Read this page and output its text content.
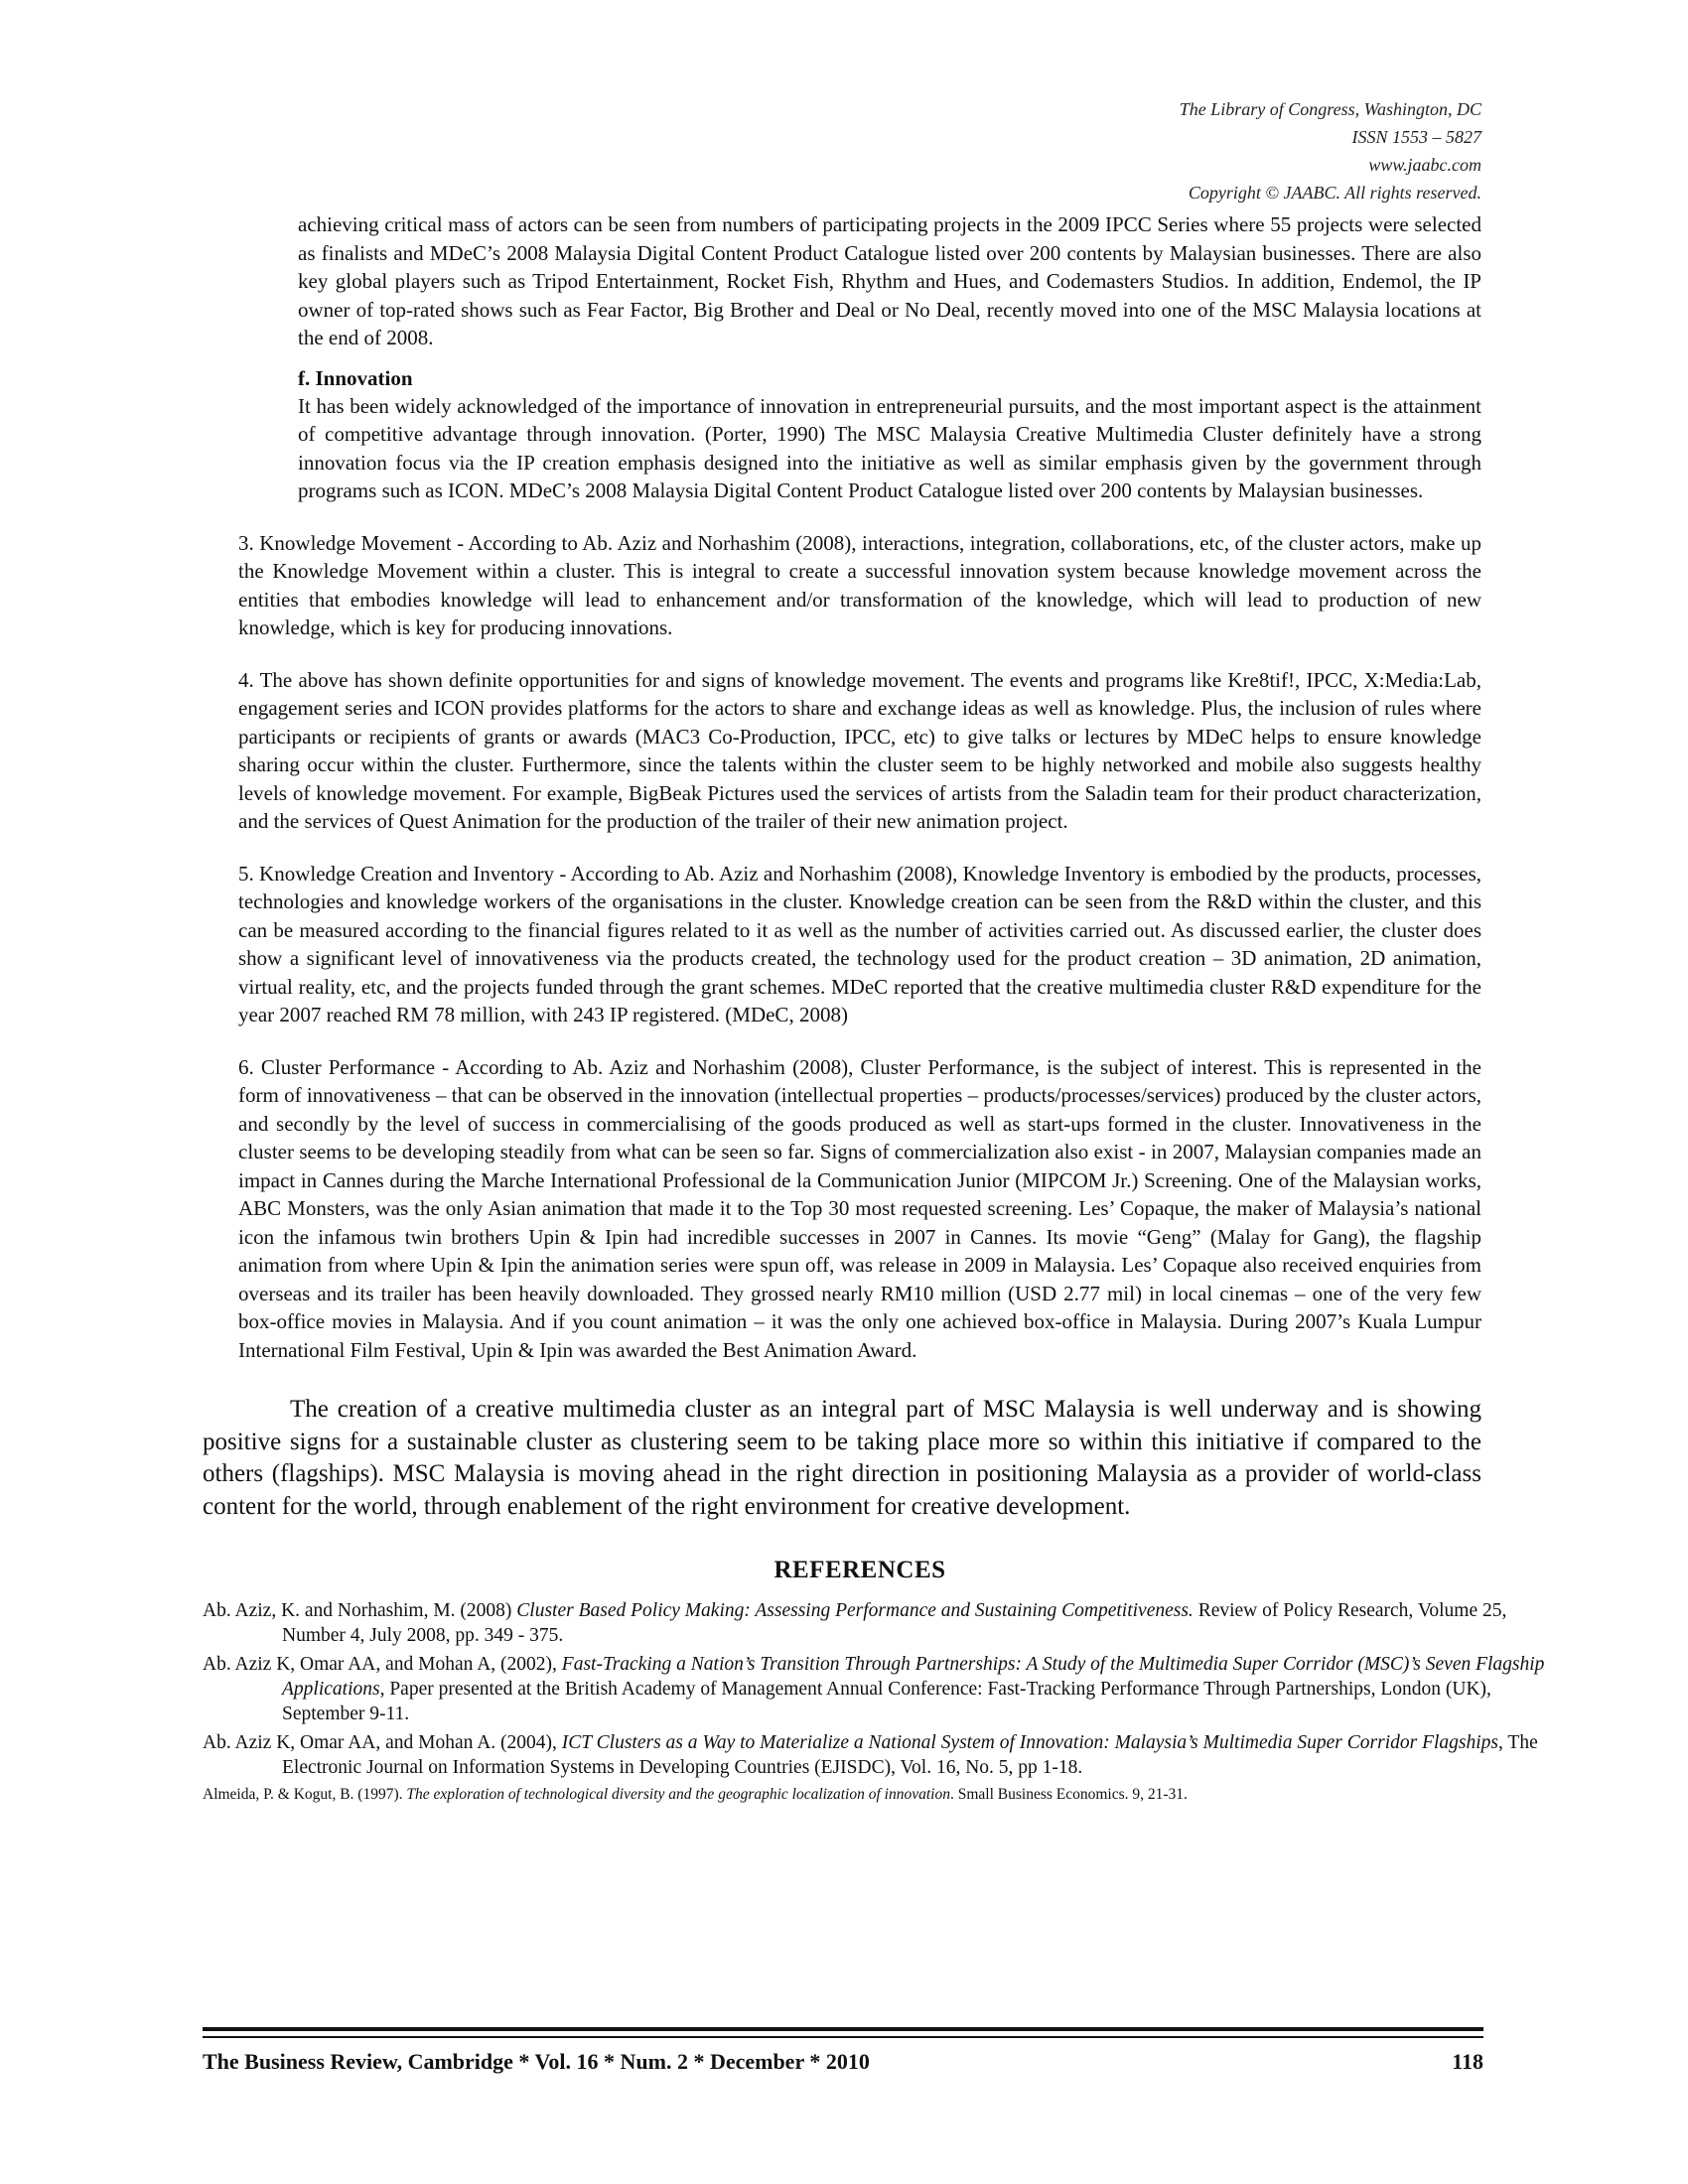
The Library of Congress, Washington, DC
ISSN 1553 – 5827
www.jaabc.com
Copyright © JAABC. All rights reserved.

achieving critical mass of actors can be seen from numbers of participating projects in the 2009 IPCC Series where 55 projects were selected as finalists and MDeC’s 2008 Malaysia Digital Content Product Catalogue listed over 200 contents by Malaysian businesses. There are also key global players such as Tripod Entertainment, Rocket Fish, Rhythm and Hues, and Codemasters Studios. In addition, Endemol, the IP owner of top-rated shows such as Fear Factor, Big Brother and Deal or No Deal, recently moved into one of the MSC Malaysia locations at the end of 2008.

f. Innovation

It has been widely acknowledged of the importance of innovation in entrepreneurial pursuits, and the most important aspect is the attainment of competitive advantage through innovation. (Porter, 1990) The MSC Malaysia Creative Multimedia Cluster definitely have a strong innovation focus via the IP creation emphasis designed into the initiative as well as similar emphasis given by the government through programs such as ICON. MDeC’s 2008 Malaysia Digital Content Product Catalogue listed over 200 contents by Malaysian businesses.

3. Knowledge Movement - According to Ab. Aziz and Norhashim (2008), interactions, integration, collaborations, etc, of the cluster actors, make up the Knowledge Movement within a cluster. This is integral to create a successful innovation system because knowledge movement across the entities that embodies knowledge will lead to enhancement and/or transformation of the knowledge, which will lead to production of new knowledge, which is key for producing innovations.

4. The above has shown definite opportunities for and signs of knowledge movement. The events and programs like Kre8tif!, IPCC, X:Media:Lab, engagement series and ICON provides platforms for the actors to share and exchange ideas as well as knowledge. Plus, the inclusion of rules where participants or recipients of grants or awards (MAC3 Co-Production, IPCC, etc) to give talks or lectures by MDeC helps to ensure knowledge sharing occur within the cluster. Furthermore, since the talents within the cluster seem to be highly networked and mobile also suggests healthy levels of knowledge movement. For example, BigBeak Pictures used the services of artists from the Saladin team for their product characterization, and the services of Quest Animation for the production of the trailer of their new animation project.

5. Knowledge Creation and Inventory - According to Ab. Aziz and Norhashim (2008), Knowledge Inventory is embodied by the products, processes, technologies and knowledge workers of the organisations in the cluster. Knowledge creation can be seen from the R&D within the cluster, and this can be measured according to the financial figures related to it as well as the number of activities carried out. As discussed earlier, the cluster does show a significant level of innovativeness via the products created, the technology used for the product creation – 3D animation, 2D animation, virtual reality, etc, and the projects funded through the grant schemes. MDeC reported that the creative multimedia cluster R&D expenditure for the year 2007 reached RM 78 million, with 243 IP registered. (MDeC, 2008)

6. Cluster Performance - According to Ab. Aziz and Norhashim (2008), Cluster Performance, is the subject of interest. This is represented in the form of innovativeness – that can be observed in the innovation (intellectual properties – products/processes/services) produced by the cluster actors, and secondly by the level of success in commercialising of the goods produced as well as start-ups formed in the cluster. Innovativeness in the cluster seems to be developing steadily from what can be seen so far. Signs of commercialization also exist - in 2007, Malaysian companies made an impact in Cannes during the Marche International Professional de la Communication Junior (MIPCOM Jr.) Screening. One of the Malaysian works, ABC Monsters, was the only Asian animation that made it to the Top 30 most requested screening. Les’ Copaque, the maker of Malaysia’s national icon the infamous twin brothers Upin & Ipin had incredible successes in 2007 in Cannes. Its movie “Geng” (Malay for Gang), the flagship animation from where Upin & Ipin the animation series were spun off, was release in 2009 in Malaysia. Les’ Copaque also received enquiries from overseas and its trailer has been heavily downloaded. They grossed nearly RM10 million (USD 2.77 mil) in local cinemas – one of the very few box-office movies in Malaysia. And if you count animation – it was the only one achieved box-office in Malaysia. During 2007’s Kuala Lumpur International Film Festival, Upin & Ipin was awarded the Best Animation Award.

The creation of a creative multimedia cluster as an integral part of MSC Malaysia is well underway and is showing positive signs for a sustainable cluster as clustering seem to be taking place more so within this initiative if compared to the others (flagships). MSC Malaysia is moving ahead in the right direction in positioning Malaysia as a provider of world-class content for the world, through enablement of the right environment for creative development.

REFERENCES
Ab. Aziz, K. and Norhashim, M. (2008) Cluster Based Policy Making: Assessing Performance and Sustaining Competitiveness. Review of Policy Research, Volume 25, Number 4, July 2008, pp. 349 - 375.
Ab. Aziz K, Omar AA, and Mohan A, (2002), Fast-Tracking a Nation’s Transition Through Partnerships: A Study of the Multimedia Super Corridor (MSC)’s Seven Flagship Applications, Paper presented at the British Academy of Management Annual Conference: Fast-Tracking Performance Through Partnerships, London (UK), September 9-11.
Ab. Aziz K, Omar AA, and Mohan A. (2004), ICT Clusters as a Way to Materialize a National System of Innovation: Malaysia’s Multimedia Super Corridor Flagships, The Electronic Journal on Information Systems in Developing Countries (EJISDC), Vol. 16, No. 5, pp 1-18.
Almeida, P. & Kogut, B. (1997). The exploration of technological diversity and the geographic localization of innovation. Small Business Economics. 9, 21-31.
The Business Review, Cambridge * Vol. 16 * Num. 2 * December * 2010	118
